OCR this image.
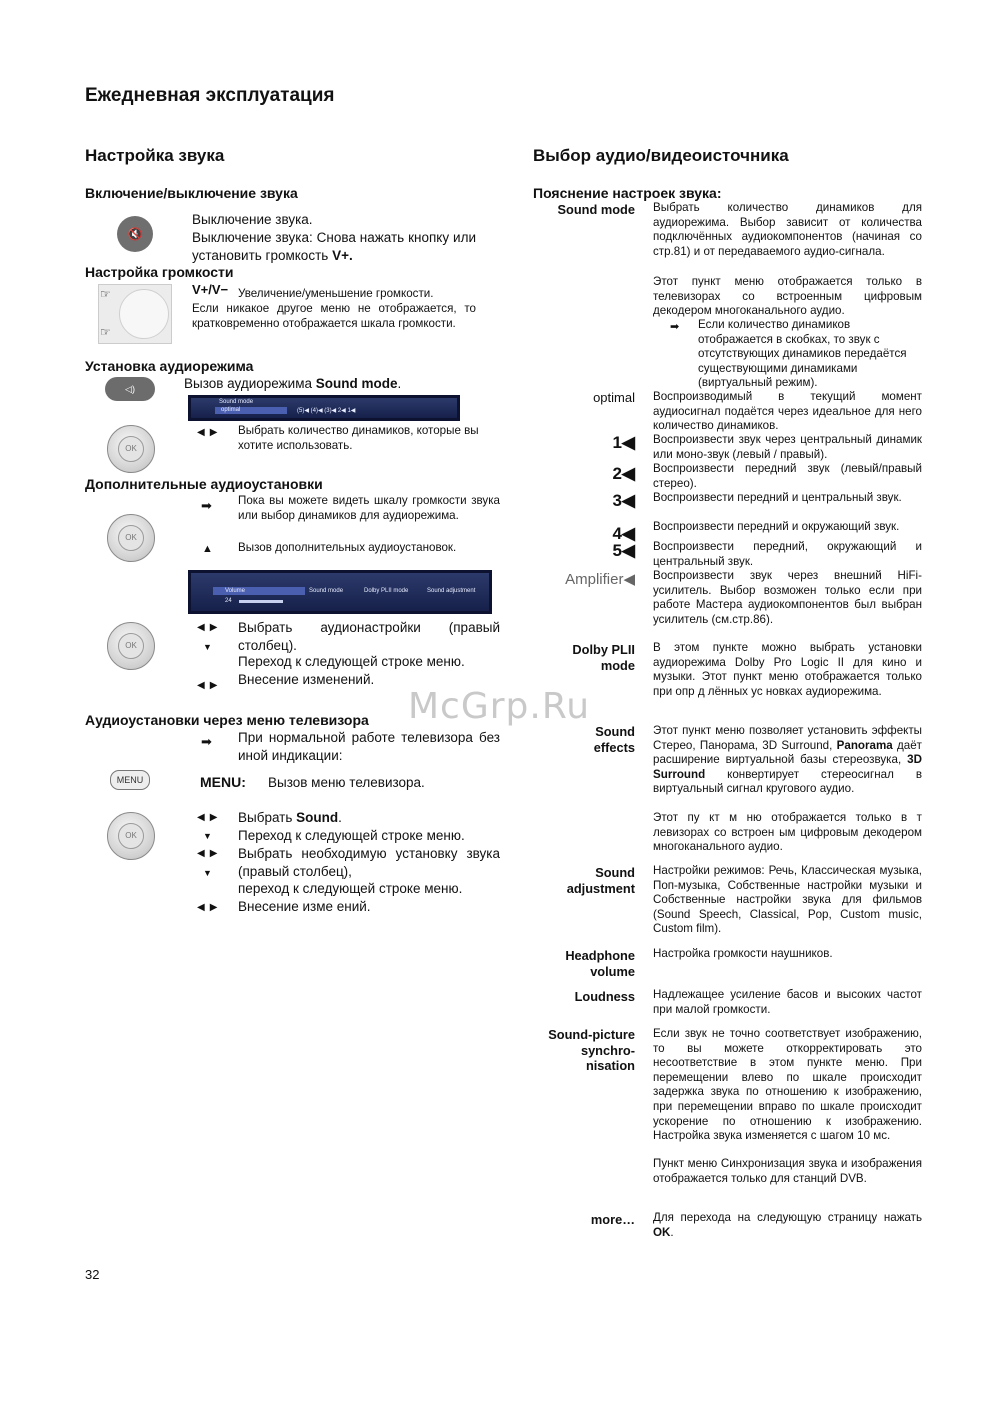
Ежедневная эксплуатация
Настройка звука
Включение/выключение звука
🔇
Выключение звука.
Выключение звука: Снова нажать кнопку или установить громкость V+.
Настройка громкости
☞
☞
V+/V− Увеличение/уменьшение громкости.
Если никакое другое меню не отображается, то кратковременно отображается шкала громкости.
Установка аудиорежима
◁)	Вызов аудиорежима Sound mode.
Sound mode
optimal	(5)◀ (4)◀ (3)◀ 2◀ 1◀
OK
◀▶ Выбрать количество динамиков, которые вы хотите использовать.
Дополнительные аудиоустановки
➡ Пока вы можете видеть шкалу громкости звука или выбор динамиков для аудиорежима.
OK
▲ Вызов дополнительных аудиоустановок.
Volume
24
Sound mode	Dolby PLII mode	Sound adjustment
OK
◀▶ Выбрать аудионастройки (правый столбец).
▼
Переход к следующей строке меню.
◀▶ Внесение изменений.
Аудиоустановки через меню телевизора
➡ При нормальной работе телевизора без иной индикации:
MENU	MENU: Вызов меню телевизора.
OK
◀▶ Выбрать Sound.
▼ Переход к следующей строке меню.
◀▶ Выбрать необходимую установку звука (правый столбец),
▼
переход к следующей строке меню.
◀▶ Внесение изме ений.
McGrp.Ru
Выбор аудио/видеоисточника
Пояснение настроек звука:
Sound mode Выбрать количество динамиков для аудиорежима. Выбор зависит от количества подключённых аудиокомпонентов (начиная со стр.81) и от передаваемого аудио-сигнала.
Этот пункт меню отображается только в телевизорах со встроенным цифровым декодером многоканального аудио.
➡ Если количество динамиков отображается в скобках, то звук с отсутствующих динамиков передаётся существующими динамиками (виртуальный режим).
optimal Воспроизводимый в текущий момент аудиосигнал подаётся через идеальное для него количество динамиков.
1◀ Воспроизвести звук через центральный динамик или моно-звук (левый / правый).
2◀ Воспроизвести передний звук (левый/правый стерео).
3◀ Воспроизвести передний и центральный звук.
4◀ Воспроизвести передний и окружающий звук.
5◀ Воспроизвести передний, окружающий и центральный звук.
Amplifier◀ Воспроизвести звук через внешний HiFi-усилитель. Выбор возможен только если при работе Мастера аудиокомпонентов был выбран усилитель (см.стр.86).
Dolby PLII mode
В этом пункте можно выбрать установки аудиорежима Dolby Pro Logic II для кино и музыки. Этот пункт меню отображается только при опр д лённых ус новках аудиорежима.
Sound effects
Этот пункт меню позволяет установить эффекты Стерео, Панорама, 3D Surround, Panorama даёт расширение виртуальной базы стереозвука, 3D Surround конвертирует стереосигнал в виртуальный сигнал кругового аудио.
Этот пу кт м ню отображается только в т левизорах со встроен ым цифровым декодером многоканального аудио.
Sound adjustment
Настройки режимов: Речь, Классическая музыка, Поп-музыка, Собственные настройки музыки и Собственные настройки звука для фильмов (Sound Speech, Classical, Pop, Custom music, Custom film).
Headphone volume
Настройка громкости наушников.
Loudness Надлежащее усиление басов и высоких частот при малой громкости.
Sound-picture synchro-nisation
Если звук не точно соответствует изображению, то вы можете откорректировать это несоответствие в этом пункте меню. При перемещении влево по шкале происходит задержка звука по отношению к изображению, при перемещении вправо по шкале происходит ускорение по отношению к изображению. Настройка звука изменяется с шагом 10 мс.
Пункт меню Синхронизация звука и изображения отображается только для станций DVB.
more… Для перехода на следующую страницу нажать OK.
32
